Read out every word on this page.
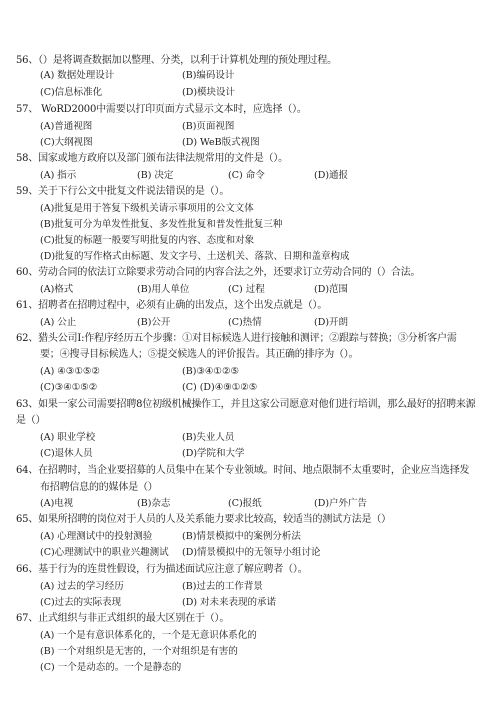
56、（）是将调查数据加以整理、分类，以利于计算机处理的预处理过程。
(A) 数据处理设计	(B)编码设计
(C)信息标准化	(D)模块设计
57、 WoRD2000中需要以打印页面方式显示文本时，应选择（）。
(A)普通视图	(B)页面视图
(C)大纲视图	(D) WeB版式视图
58、国家或地方政府以及部门颁布法律法规常用的文件是（）。
(A) 指示	(B) 决定	(C) 命令	(D)通报
59、关于下行公文中批复文件说法错误的是（）。
(A)批复是用于答复下级机关请示事项用的公文文体
(B)批复可分为单发性批复、多发性批复和普发性批复三种
(C)批复的标题一般要写明批复的内容、态度和对象
(D)批复的写作格式由标题、发文字号、土送机关、落款、日期和盖章构成
60、劳动合同的依法订立除要求劳动合同的内容合法之外，还要求订立劳动合同的（）合法。
(A)格式	(B)用人单位	(C) 过程	(D)范围
61、招聘者在招聘过程中，必须有止确的出发点，这个出发点就是（）。
(A) 公止	(B)公开	(C)热情	(D)开朗
62、猎头公司I:作程序经历五个步骤：①对目标候选人进行接触和测评；②跟踪与替换；③分析客户需
要；④搜寻目标候选人；⑤提交候选人的评价报告。其正确的排序为（）。
(A) ④③①⑤②	(B)③④①②⑤
(C)③④①⑤②	(C) (D)④⑨①②⑤
63、如果一家公司需要招聘8位初级机械操作工，并且这家公司愿意对他们进行培训，那么最好的招聘来源
是（）
(A) 职业学校	(B)失业人员
(C)退休人员	(D)学院和大学
64、在招聘时，当企业要招募的人员集中在某个专业领域。时间、地点限制不太重要时，企业应当选择发
布招聘信息的的媒体是（）
(A)电视	(B)杂志	(C)报纸	(D)户外广告
65、如果所招聘的岗位对于人员的人及关系能力要求比较高，较适当的测试方法是（）
(A) 心理测试中的投射测验	(B)情景模拟中的案例分析法
(C)心理测试中的职业兴趣测试 (D)情景模拟中的无领导小组讨论
66、基于行为的连贯性假设，行为描述面试应注意了解应聘者（）。
(A) 过去的学习经历	(B)过去的工作背景
(C)过去的实际表现	(D) 对未来表现的承诺
67、止式组织与非正式组织的最大区别在于（）。
(A) 一个是有意识体系化的，一个是无意识体系化的
(B) 一个对组织是无害的，一个对组织是有害的
(C) 一个是动态的。一个是静态的
